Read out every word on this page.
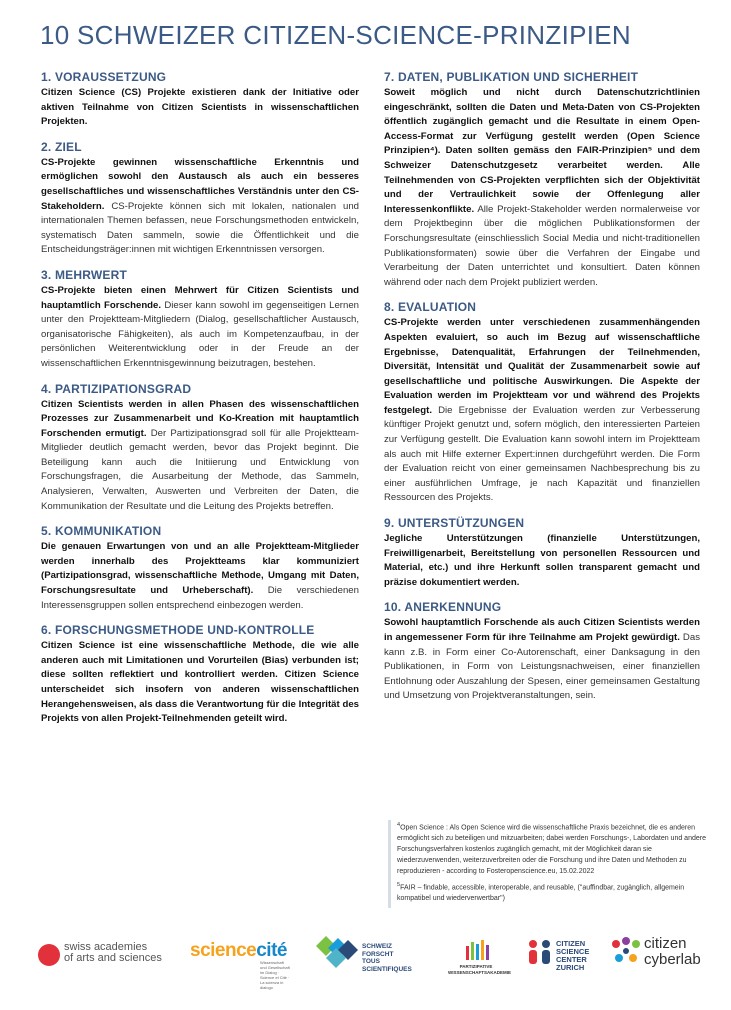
10 SCHWEIZER CITIZEN-SCIENCE-PRINZIPIEN
1. VORAUSSETZUNG

Citizen Science (CS) Projekte existieren dank der Initiative oder aktiven Teilnahme von Citizen Scientists in wissenschaftlichen Projekten.

2. ZIEL

CS-Projekte gewinnen wissenschaftliche Erkenntnis und ermöglichen sowohl den Austausch als auch ein besseres gesellschaftliches und wissenschaftliches Verständnis unter den CS-Stakeholdern. CS-Projekte können sich mit lokalen, nationalen und internationalen Themen befassen, neue Forschungsmethoden entwickeln, systematisch Daten sammeln, sowie die Öffentlichkeit und die Entscheidungsträger:innen mit wichtigen Erkenntnissen versorgen.

3. MEHRWERT

CS-Projekte bieten einen Mehrwert für Citizen Scientists und hauptamtlich Forschende. Dieser kann sowohl im gegenseitigen Lernen unter den Projektteam-Mitgliedern (Dialog, gesellschaftlicher Austausch, organisatorische Fähigkeiten), als auch im Kompetenzaufbau, in der persönlichen Weiterentwicklung oder in der Freude an der wissenschaftlichen Erkenntnisgewinnung beizutragen, bestehen.

4. PARTIZIPATIONSGRAD

Citizen Scientists werden in allen Phasen des wissenschaftlichen Prozesses zur Zusammenarbeit und Ko-Kreation mit hauptamtlich Forschenden ermutigt. Der Partizipationsgrad soll für alle Projektteam-Mitglieder deutlich gemacht werden, bevor das Projekt beginnt. Die Beteiligung kann auch die Initiierung und Entwicklung von Forschungsfragen, die Ausarbeitung der Methode, das Sammeln, Analysieren, Verwalten, Auswerten und Verbreiten der Daten, die Kommunikation der Resultate und die Leitung des Projekts betreffen.

5. KOMMUNIKATION

Die genauen Erwartungen von und an alle Projektteam-Mitglieder werden innerhalb des Projektteams klar kommuniziert (Partizipationsgrad, wissenschaftliche Methode, Umgang mit Daten, Forschungsresultate und Urheberschaft). Die verschiedenen Interessensgruppen sollen entsprechend einbezogen werden.

6. FORSCHUNGSMETHODE UND-KONTROLLE

Citizen Science ist eine wissenschaftliche Methode, die wie alle anderen auch mit Limitationen und Vorurteilen (Bias) verbunden ist; diese sollten reflektiert und kontrolliert werden. Citizen Science unterscheidet sich insofern von anderen wissenschaftlichen Herangehensweisen, als dass die Verantwortung für die Integrität des Projekts von allen Projekt-Teilnehmenden geteilt wird.

7. DATEN, PUBLIKATION UND SICHERHEIT

Soweit möglich und nicht durch Datenschutzrichtlinien eingeschränkt, sollten die Daten und Meta-Daten von CS-Projekten öffentlich zugänglich gemacht und die Resultate in einem Open-Access-Format zur Verfügung gestellt werden (Open Science Prinzipien⁴). Daten sollten gemäss den FAIR-Prinzipien⁵ und dem Schweizer Datenschutzgesetz verarbeitet werden. Alle Teilnehmenden von CS-Projekten verpflichten sich der Objektivität und der Vertraulichkeit sowie der Offenlegung aller Interessenkonflikte. Alle Projekt-Stakeholder werden normalerweise vor dem Projektbeginn über die möglichen Publikationsformen der Forschungsresultate (einschliesslich Social Media und nicht-traditionellen Publikationsformaten) sowie über die Verfahren der Eingabe und Verarbeitung der Daten unterrichtet und konsultiert. Daten können während oder nach dem Projekt publiziert werden.

8. EVALUATION

CS-Projekte werden unter verschiedenen zusammenhängenden Aspekten evaluiert, so auch im Bezug auf wissenschaftliche Ergebnisse, Datenqualität, Erfahrungen der Teilnehmenden, Diversität, Intensität und Qualität der Zusammenarbeit sowie auf gesellschaftliche und politische Auswirkungen. Die Aspekte der Evaluation werden im Projektteam vor und während des Projekts festgelegt. Die Ergebnisse der Evaluation werden zur Verbesserung künftiger Projekt genutzt und, sofern möglich, den interessierten Parteien zur Verfügung gestellt. Die Evaluation kann sowohl intern im Projektteam als auch mit Hilfe externer Expert:innen durchgeführt werden. Die Form der Evaluation reicht von einer gemeinsamen Nachbesprechung bis zu einer ausführlichen Umfrage, je nach Kapazität und finanziellen Ressourcen des Projekts.

9. UNTERSTÜTZUNGEN

Jegliche Unterstützungen (finanzielle Unterstützungen, Freiwilligenarbeit, Bereitstellung von personellen Ressourcen und Material, etc.) und ihre Herkunft sollen transparent gemacht und präzise dokumentiert werden.

10. ANERKENNUNG

Sowohl hauptamtlich Forschende als auch Citizen Scientists werden in angemessener Form für ihre Teilnahme am Projekt gewürdigt. Das kann z.B. in Form einer Co-Autorenschaft, einer Danksagung in den Publikationen, in Form von Leistungsnachweisen, einer finanziellen Entlohnung oder Auszahlung der Spesen, einer gemeinsamen Gestaltung und Umsetzung von Projektveranstaltungen, sein.

$^4$Open Science : Als Open Science wird die wissenschaftliche Praxis bezeichnet, die es anderen ermöglicht sich zu beteiligen und mitzuarbeiten; dabei werden Forschungs-, Labordaten und andere Forschungsverfahren kostenlos zugänglich gemacht, mit der Möglichkeit daran sie wiederzuverwenden, weiterzuverbreiten oder die Forschung und ihre Daten und Methoden zu reproduzieren - according to Fosteropenscience.eu, 15.02.2022

$^5$FAIR – findable, accessible, interoperable, and reusable, ("auffindbar, zugänglich, allgemein kompatibel und wiederverwertbar")

swiss academies
of arts and sciences sciencecité
Wissenschaft und Gesellschaft im Dialog · Science et Cité · La scienza in dialogo
SCHWEIZ
FORSCHT
TOUS
SCIENTIFIQUES	PARTIZIPATIVE
WISSENSCHAFTSAKADEMIE
CITIZEN
SCIENCE
CENTER
ZURICH
citizen
cyberlab
